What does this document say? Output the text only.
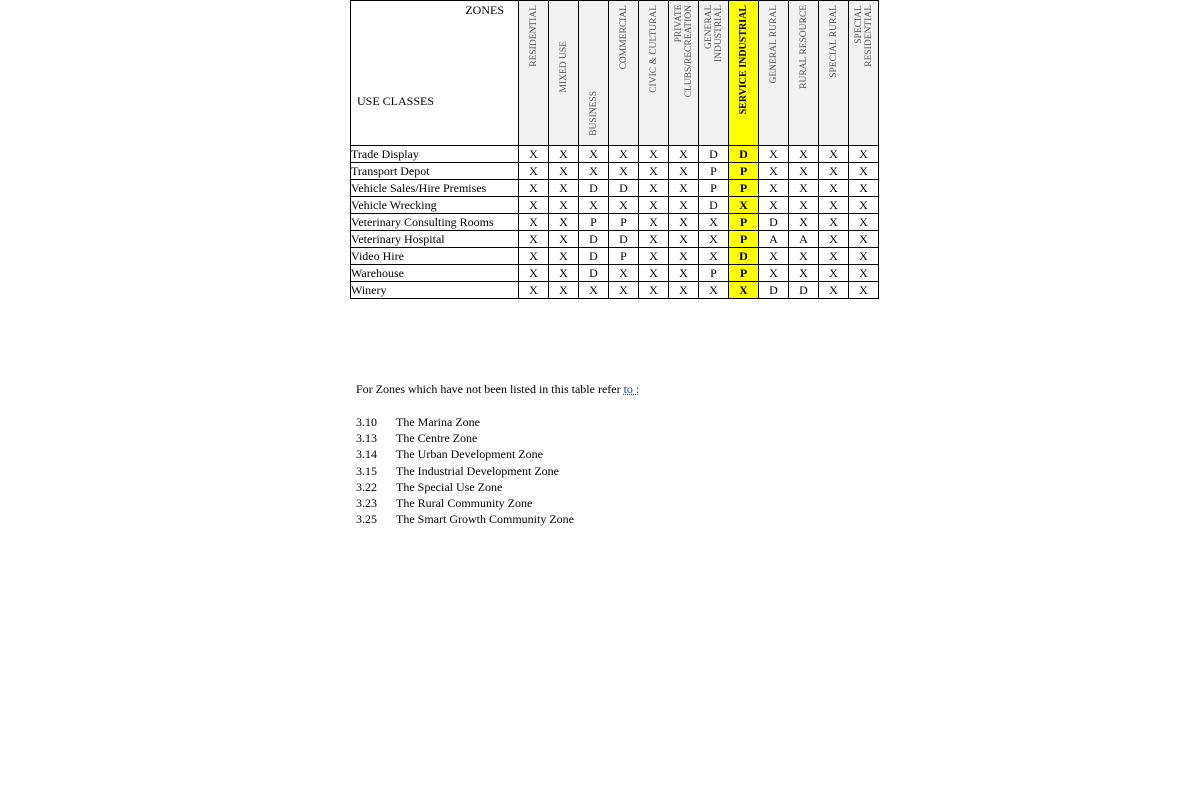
ZONES
USE CLASSES	RESIDENTIAL	MIXED USE	BUSINESS	COMMERCIAL	CIVIC & CULTURAL	PRIVATE
CLUBS/RECREATION	GENERAL
INDUSTRIAL	SERVICE INDUSTRIAL	GENERAL RURAL	RURAL RESOURCE	SPECIAL RURAL	SPECIAL
RESIDENTIAL

Trade Display	X	X	X	X	X	X	D	D	X	X	X	X
Transport Depot	X	X	X	X	X	X	P	P	X	X	X	X
Vehicle Sales/Hire Premises	X	X	D	D	X	X	P	P	X	X	X	X
Vehicle Wrecking	X	X	X	X	X	X	D	X	X	X	X	X
Veterinary Consulting Rooms	X	X	P	P	X	X	X	P	D	X	X	X
Veterinary Hospital	X	X	D	D	X	X	X	P	A	A	X	X
Video Hire	X	X	D	P	X	X	X	D	X	X	X	X
Warehouse	X	X	D	X	X	X	P	P	X	X	X	X
Winery	X	X	X	X	X	X	X	X	D	D	X	X
For Zones which have not been listed in this table refer to :
3.10	The Marina Zone
3.13	The Centre Zone
3.14	The Urban Development Zone
3.15	The Industrial Development Zone
3.22	The Special Use Zone
3.23	The Rural Community Zone
3.25	The Smart Growth Community Zone
